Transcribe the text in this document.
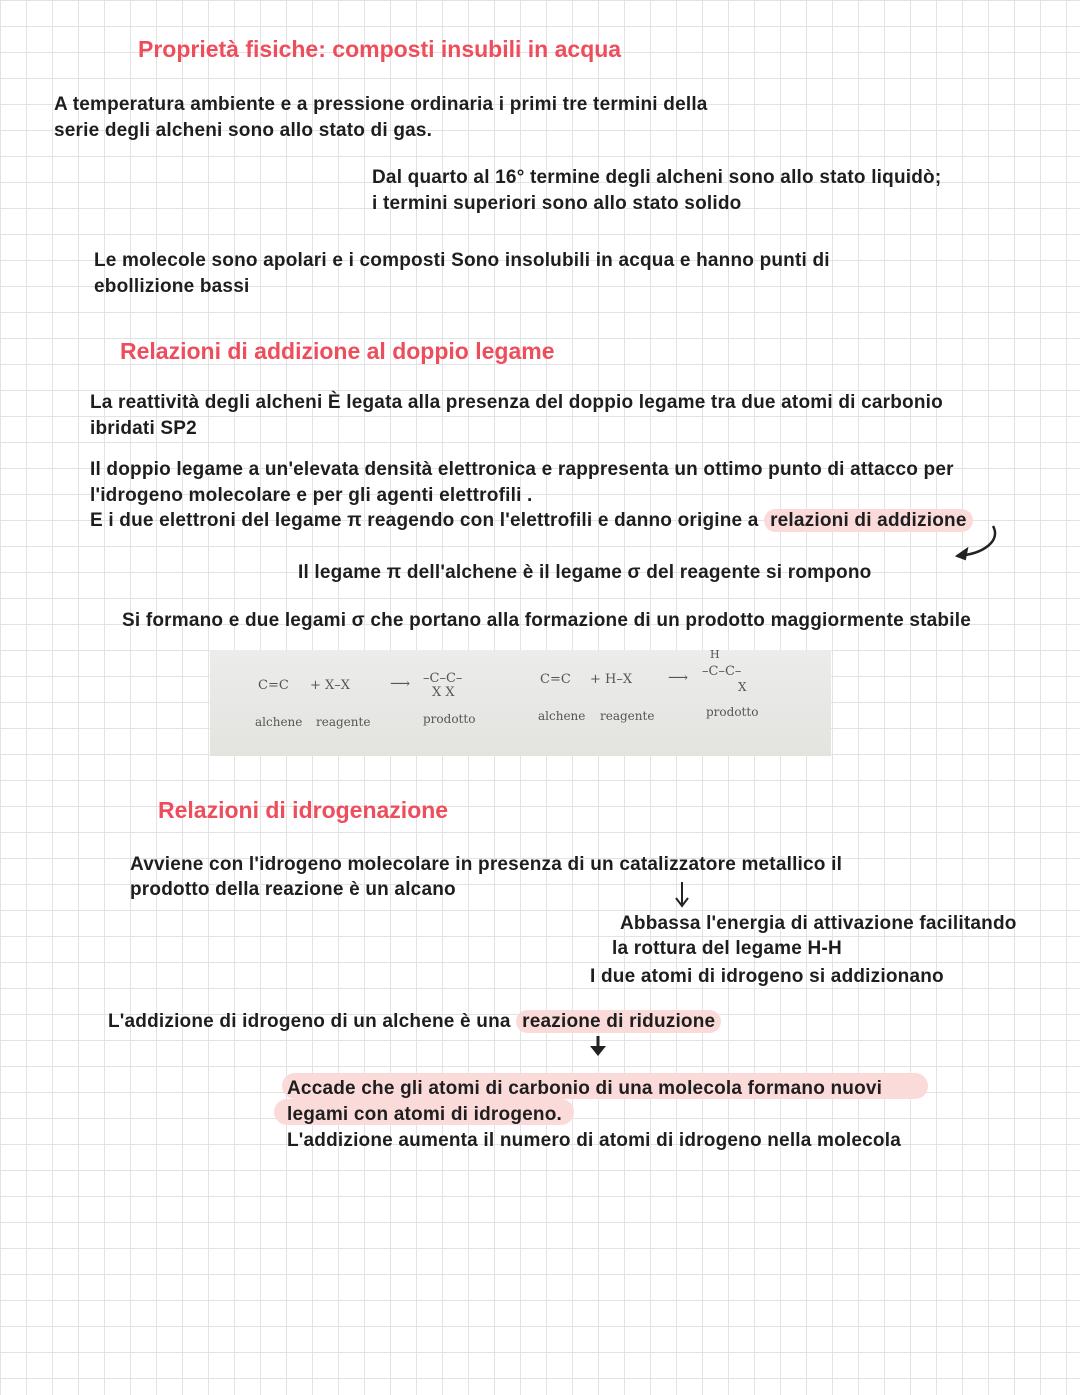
Proprietà fisiche: composti insubili in acqua
A temperatura ambiente e a pressione ordinaria i primi tre termini della
serie degli alcheni sono allo stato di gas.
Dal quarto al 16° termine degli alcheni sono allo stato liquidò;
i termini superiori sono allo stato solido
Le molecole sono apolari e i composti Sono insolubili in acqua e hanno punti di
ebollizione bassi
Relazioni di addizione al doppio legame
La reattività degli alcheni È legata alla presenza del doppio legame tra due atomi di carbonio
ibridati SP2
Il doppio legame a un'elevata densità elettronica e rappresenta un ottimo punto di attacco per
l'idrogeno molecolare e per gli agenti elettrofili .
E i due elettroni del legame π reagendo con l'elettrofili e danno origine a relazioni di addizione
Il legame π dell'alchene è il legame σ del reagente si rompono
Si formano e due legami σ che portano alla formazione di un prodotto maggiormente stabile
C=C + X–X	⟶ –C–C–
X X
alchene reagente	prodotto
C=C + H–X	⟶
H
–C–C–
X
alchene reagente	prodotto
Relazioni di idrogenazione
Avviene con l'idrogeno molecolare in presenza di un catalizzatore metallico il
prodotto della reazione è un alcano
Abbassa l'energia di attivazione facilitando
la rottura del legame H-H
I due atomi di idrogeno si addizionano
L'addizione di idrogeno di un alchene è una reazione di riduzione
Accade che gli atomi di carbonio di una molecola formano nuovi
legami con atomi di idrogeno.
L'addizione aumenta il numero di atomi di idrogeno nella molecola
